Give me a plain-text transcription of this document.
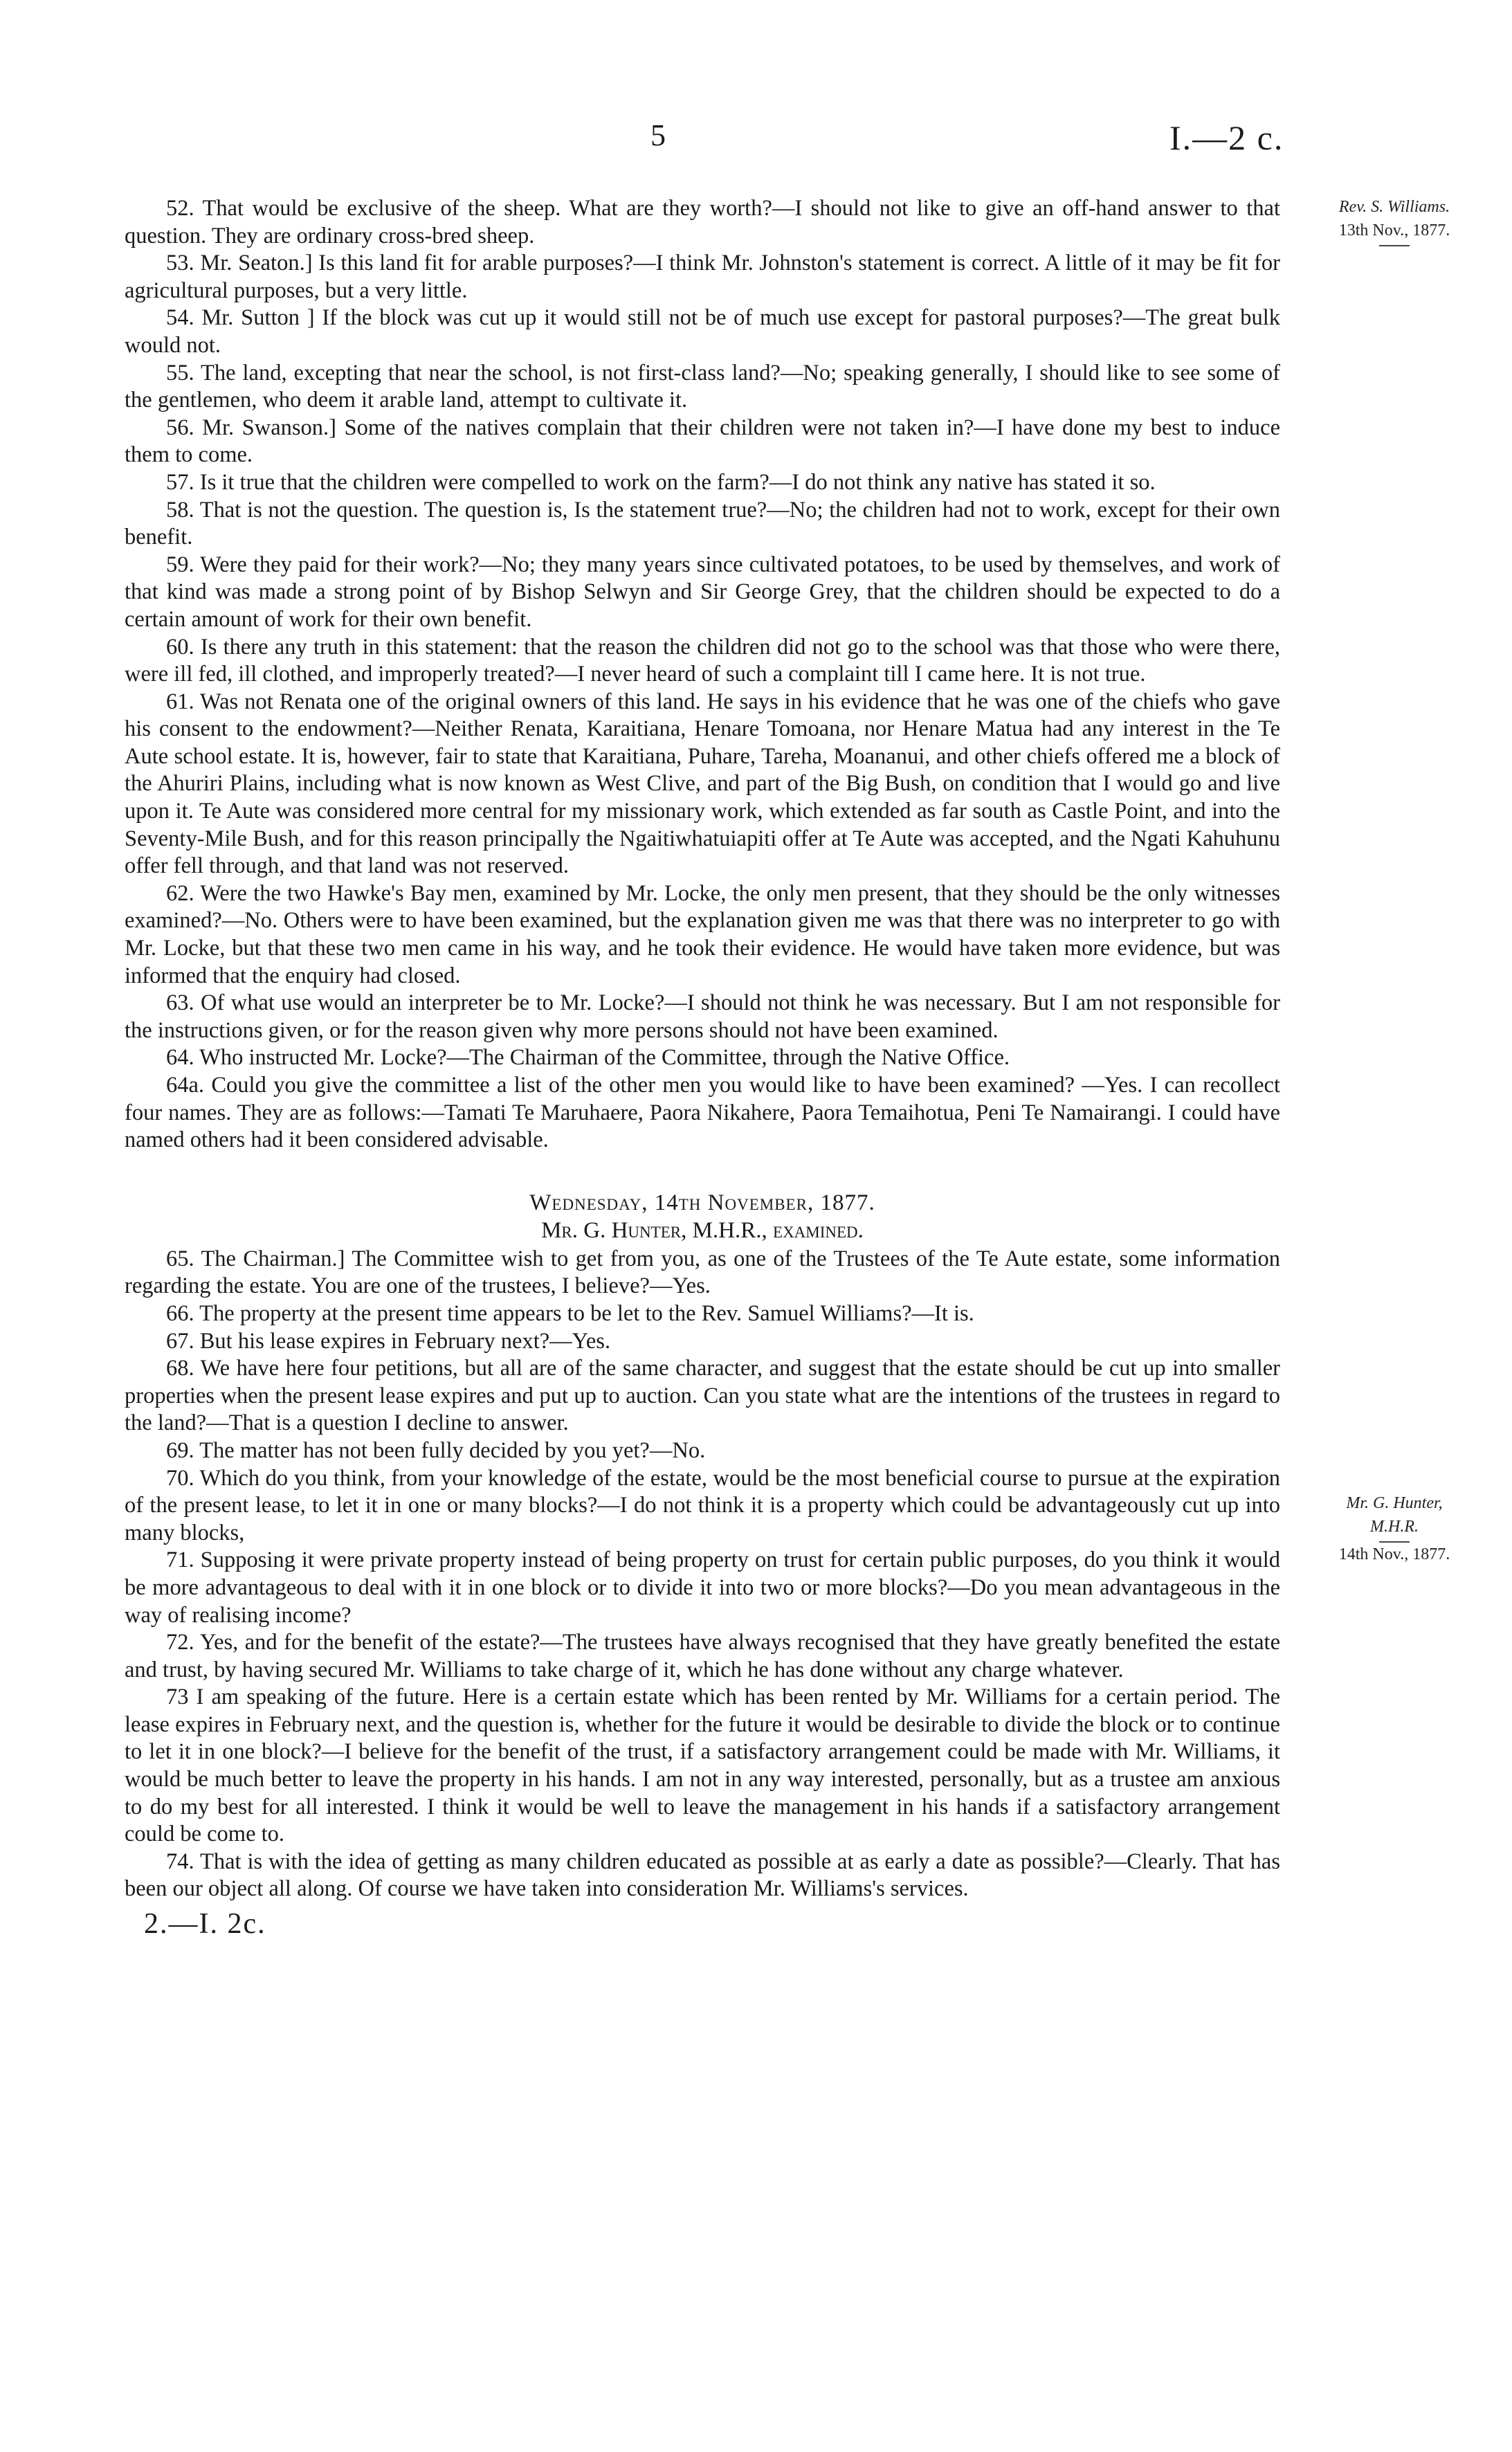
5	I.—2 c.
Rev. S. Williams.
13th Nov., 1877.
Mr. G. Hunter,
M.H.R.
14th Nov., 1877.

52. That would be exclusive of the sheep. What are they worth?—I should not like to give an off-hand answer to that question. They are ordinary cross-bred sheep.

53. Mr. Seaton.] Is this land fit for arable purposes?—I think Mr. Johnston's statement is correct. A little of it may be fit for agricultural purposes, but a very little.

54. Mr. Sutton ] If the block was cut up it would still not be of much use except for pastoral purposes?—The great bulk would not.

55. The land, excepting that near the school, is not first-class land?—No; speaking generally, I should like to see some of the gentlemen, who deem it arable land, attempt to cultivate it.

56. Mr. Swanson.] Some of the natives complain that their children were not taken in?—I have done my best to induce them to come.

57. Is it true that the children were compelled to work on the farm?—I do not think any native has stated it so.

58. That is not the question. The question is, Is the statement true?—No; the children had not to work, except for their own benefit.

59. Were they paid for their work?—No; they many years since cultivated potatoes, to be used by themselves, and work of that kind was made a strong point of by Bishop Selwyn and Sir George Grey, that the children should be expected to do a certain amount of work for their own benefit.

60. Is there any truth in this statement: that the reason the children did not go to the school was that those who were there, were ill fed, ill clothed, and improperly treated?—I never heard of such a complaint till I came here. It is not true.

61. Was not Renata one of the original owners of this land. He says in his evidence that he was one of the chiefs who gave his consent to the endowment?—Neither Renata, Karaitiana, Henare Tomoana, nor Henare Matua had any interest in the Te Aute school estate. It is, however, fair to state that Karaitiana, Puhare, Tareha, Moananui, and other chiefs offered me a block of the Ahuriri Plains, including what is now known as West Clive, and part of the Big Bush, on condition that I would go and live upon it. Te Aute was considered more central for my missionary work, which extended as far south as Castle Point, and into the Seventy-Mile Bush, and for this reason principally the Ngaitiwhatuiapiti offer at Te Aute was accepted, and the Ngati Kahuhunu offer fell through, and that land was not reserved.

62. Were the two Hawke's Bay men, examined by Mr. Locke, the only men present, that they should be the only witnesses examined?—No. Others were to have been examined, but the explanation given me was that there was no interpreter to go with Mr. Locke, but that these two men came in his way, and he took their evidence. He would have taken more evidence, but was informed that the enquiry had closed.

63. Of what use would an interpreter be to Mr. Locke?—I should not think he was necessary. But I am not responsible for the instructions given, or for the reason given why more persons should not have been examined.

64. Who instructed Mr. Locke?—The Chairman of the Committee, through the Native Office.

64a. Could you give the committee a list of the other men you would like to have been examined? —Yes. I can recollect four names. They are as follows:—Tamati Te Maruhaere, Paora Nikahere, Paora Temaihotua, Peni Te Namairangi. I could have named others had it been considered advisable.

Wednesday, 14th November, 1877.

Mr. G. Hunter, M.H.R., examined.

65. The Chairman.] The Committee wish to get from you, as one of the Trustees of the Te Aute estate, some information regarding the estate. You are one of the trustees, I believe?—Yes.

66. The property at the present time appears to be let to the Rev. Samuel Williams?—It is.

67. But his lease expires in February next?—Yes.

68. We have here four petitions, but all are of the same character, and suggest that the estate should be cut up into smaller properties when the present lease expires and put up to auction. Can you state what are the intentions of the trustees in regard to the land?—That is a question I decline to answer.

69. The matter has not been fully decided by you yet?—No.

70. Which do you think, from your knowledge of the estate, would be the most beneficial course to pursue at the expiration of the present lease, to let it in one or many blocks?—I do not think it is a property which could be advantageously cut up into many blocks,

71. Supposing it were private property instead of being property on trust for certain public purposes, do you think it would be more advantageous to deal with it in one block or to divide it into two or more blocks?—Do you mean advantageous in the way of realising income?

72. Yes, and for the benefit of the estate?—The trustees have always recognised that they have greatly benefited the estate and trust, by having secured Mr. Williams to take charge of it, which he has done without any charge whatever.

73 I am speaking of the future. Here is a certain estate which has been rented by Mr. Williams for a certain period. The lease expires in February next, and the question is, whether for the future it would be desirable to divide the block or to continue to let it in one block?—I believe for the benefit of the trust, if a satisfactory arrangement could be made with Mr. Williams, it would be much better to leave the property in his hands. I am not in any way interested, personally, but as a trustee am anxious to do my best for all interested. I think it would be well to leave the management in his hands if a satisfactory arrangement could be come to.

74. That is with the idea of getting as many children educated as possible at as early a date as possible?—Clearly. That has been our object all along. Of course we have taken into consideration Mr. Williams's services.

2.—I. 2c.
